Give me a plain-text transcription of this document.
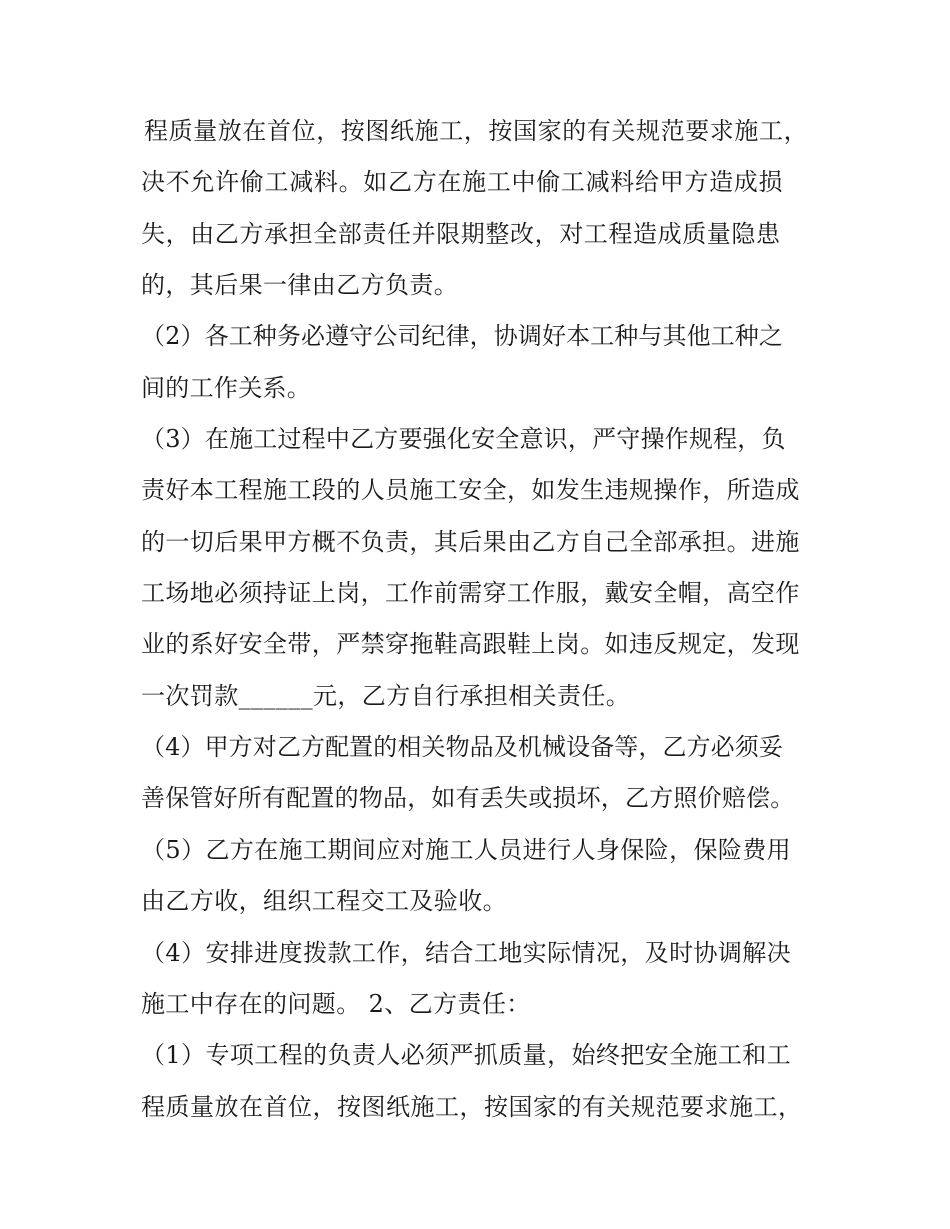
程质量放在首位，按图纸施工，按国家的有关规范要求施工，
决不允许偷工减料。如乙方在施工中偷工减料给甲方造成损
失，由乙方承担全部责任并限期整改，对工程造成质量隐患
的，其后果一律由乙方负责。
（2）各工种务必遵守公司纪律，协调好本工种与其他工种之
间的工作关系。
（3）在施工过程中乙方要强化安全意识，严守操作规程，负
责好本工程施工段的人员施工安全，如发生违规操作，所造成
的一切后果甲方概不负责，其后果由乙方自己全部承担。进施
工场地必须持证上岗，工作前需穿工作服，戴安全帽，高空作
业的系好安全带，严禁穿拖鞋高跟鞋上岗。如违反规定，发现
一次罚款______元，乙方自行承担相关责任。
（4）甲方对乙方配置的相关物品及机械设备等，乙方必须妥
善保管好所有配置的物品，如有丢失或损坏，乙方照价赔偿。
（5）乙方在施工期间应对施工人员进行人身保险，保险费用
由乙方收，组织工程交工及验收。
（4）安排进度拨款工作，结合工地实际情况，及时协调解决
施工中存在的问题。 2、乙方责任：
（1）专项工程的负责人必须严抓质量，始终把安全施工和工
程质量放在首位，按图纸施工，按国家的有关规范要求施工，
